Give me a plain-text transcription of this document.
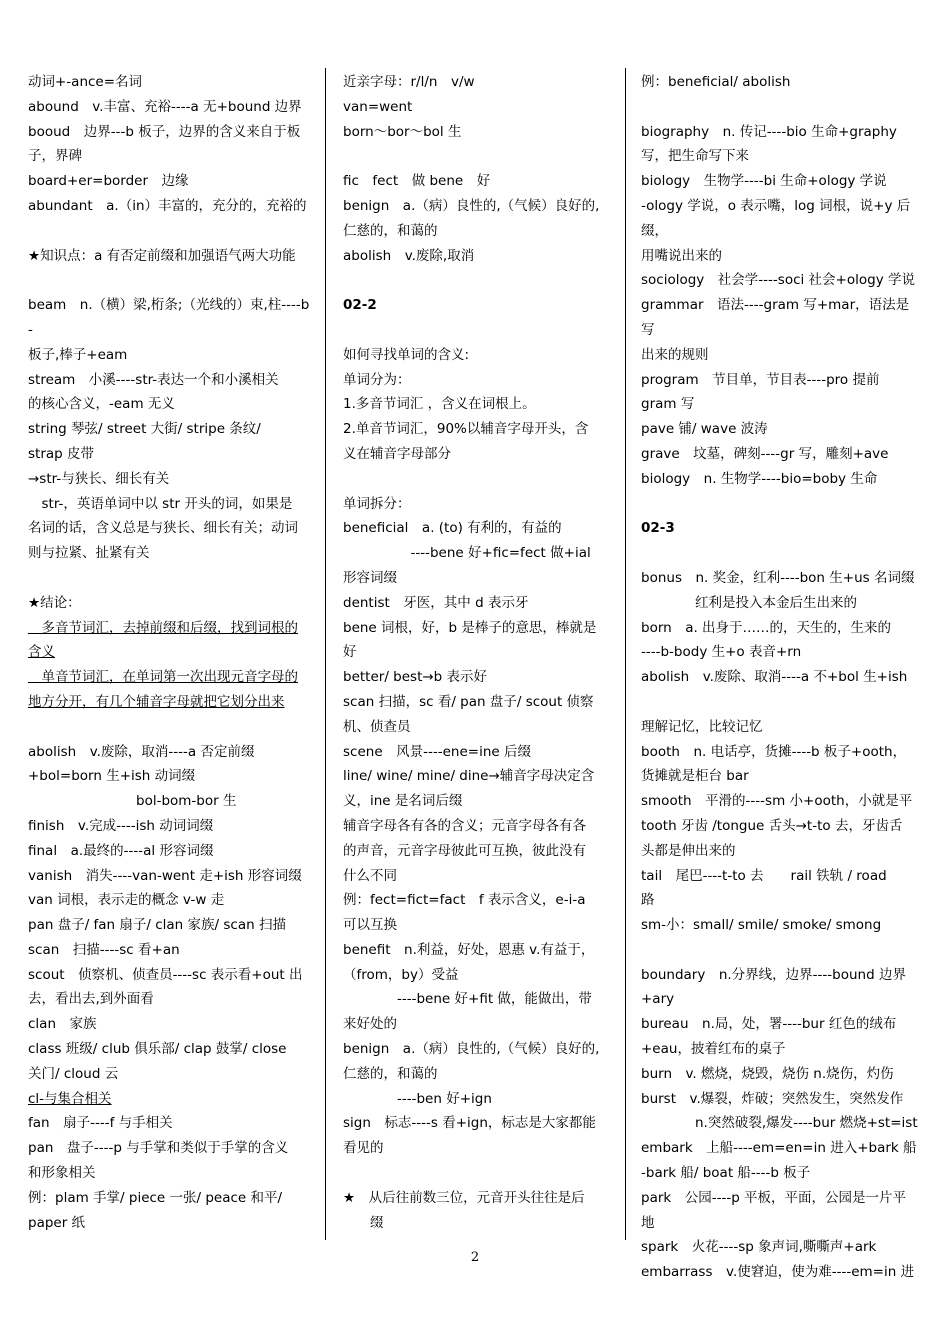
动词+-ance=名词
abound　v.丰富、充裕----a 无+bound 边界
booud　边界---b 板子，边界的含义来自于板
子，界碑
board+er=border　边缘
abundant　a.（in）丰富的，充分的，充裕的
★知识点：a 有否定前缀和加强语气两大功能
beam　n.（横）梁,桁条;（光线的）束,柱----b-
板子,棒子+eam
stream　小溪----str-表达一个和小溪相关
的核心含义，-eam 无义
string 琴弦/ street 大街/ stripe 条纹/
strap 皮带
→str-与狭长、细长有关
　str-，英语单词中以 str 开头的词，如果是
名词的话，含义总是与狭长、细长有关；动词
则与拉紧、扯紧有关
★结论：
　多音节词汇，去掉前缀和后缀，找到词根的
含义
　单音节词汇，在单词第一次出现元音字母的
地方分开，有几个辅音字母就把它划分出来
abolish　v.废除，取消----a 否定前缀
+bol=born 生+ish 动词缀
　　　　　　　　bol-bom-bor 生
finish　v.完成----ish 动词词缀
final　a.最终的----al 形容词缀
vanish　消失----van-went 走+ish 形容词缀
van 词根，表示走的概念 v-w 走
pan 盘子/ fan 扇子/ clan 家族/ scan 扫描
scan　扫描----sc 看+an
scout　侦察机、侦查员----sc 表示看+out 出
去，看出去,到外面看
clan　家族
class 班级/ club 俱乐部/ clap 鼓掌/ close
关门/ cloud 云
cl-与集合相关
fan　扇子----f 与手相关
pan　盘子----p 与手掌和类似于手掌的含义
和形象相关
例：plam 手掌/ piece 一张/ peace 和平/
paper 纸
近亲字母：r/l/n　v/w
van=went
born～bor～bol 生
fic　fect　做 bene　好
benign　a.（病）良性的,（气候）良好的,
仁慈的，和蔼的
abolish　v.废除,取消
02-2
如何寻找单词的含义:
单词分为：
1.多音节词汇 ，含义在词根上。
2.单音节词汇，90%以辅音字母开头，含
义在辅音字母部分
单词拆分：
beneficial　a. (to) 有利的，有益的
　　　　　----bene 好+fic=fect 做+ial
形容词缀
dentist　牙医，其中 d 表示牙
bene 词根，好，b 是棒子的意思，棒就是
好
better/ best→b 表示好
scan 扫描，sc 看/ pan 盘子/ scout 侦察
机、侦查员
scene　风景----ene=ine 后缀
line/ wine/ mine/ dine→辅音字母决定含
义，ine 是名词后缀
辅音字母各有各的含义；元音字母各有各
的声音，元音字母彼此可互换，彼此没有
什么不同
例：fect=fict=fact　f 表示含义，e-i-a
可以互换
benefit　n.利益，好处，恩惠 v.有益于，
（from，by）受益
　　　　----bene 好+fit 做，能做出，带
来好处的
benign　a.（病）良性的,（气候）良好的,
仁慈的，和蔼的
　　　　----ben 好+ign
sign　标志----s 看+ign，标志是大家都能
看见的
★　从后往前数三位，元音开头往往是后
　　缀
例：beneficial/ abolish
biography　n. 传记----bio 生命+graphy
写，把生命写下来
biology　生物学----bi 生命+ology 学说
-ology 学说，o 表示嘴，log 词根，说+y 后缀，
用嘴说出来的
sociology　社会学----soci 社会+ology 学说
grammar　语法----gram 写+mar，语法是写
出来的规则
program　节目单，节目表----pro 提前
gram 写
pave 铺/ wave 波涛
grave　坟墓，碑刻----gr 写，雕刻+ave
biology　n. 生物学----bio=boby 生命
02-3
bonus　n. 奖金，红利----bon 生+us 名词缀
　　　　红利是投入本金后生出来的
born　a. 出身于……的，天生的，生来的
----b-body 生+o 表音+rn
abolish　v.废除、取消----a 不+bol 生+ish
理解记忆，比较记忆
booth　n. 电话亭，货摊----b 板子+ooth，
货摊就是柜台 bar
smooth　平滑的----sm 小+ooth，小就是平
tooth 牙齿 /tongue 舌头→t-to 去，牙齿舌
头都是伸出来的
tail　尾巴----t-to 去　　rail 铁轨 / road
路
sm-小：small/ smile/ smoke/ smong
boundary　n.分界线，边界----bound 边界
+ary
bureau　n.局，处，署----bur 红色的绒布
+eau，披着红布的桌子
burn　v. 燃烧，烧毁，烧伤 n.烧伤，灼伤
burst　v.爆裂，炸破；突然发生，突然发作
　　　　n.突然破裂,爆发----bur 燃烧+st=ist
embark　上船----em=en=in 进入+bark 船
-bark 船/ boat 船----b 板子
park　公园----p 平板，平面，公园是一片平
地
spark　火花----sp 象声词,嘶嘶声+ark
embarrass　v.使窘迫，使为难----em=in 进
2
